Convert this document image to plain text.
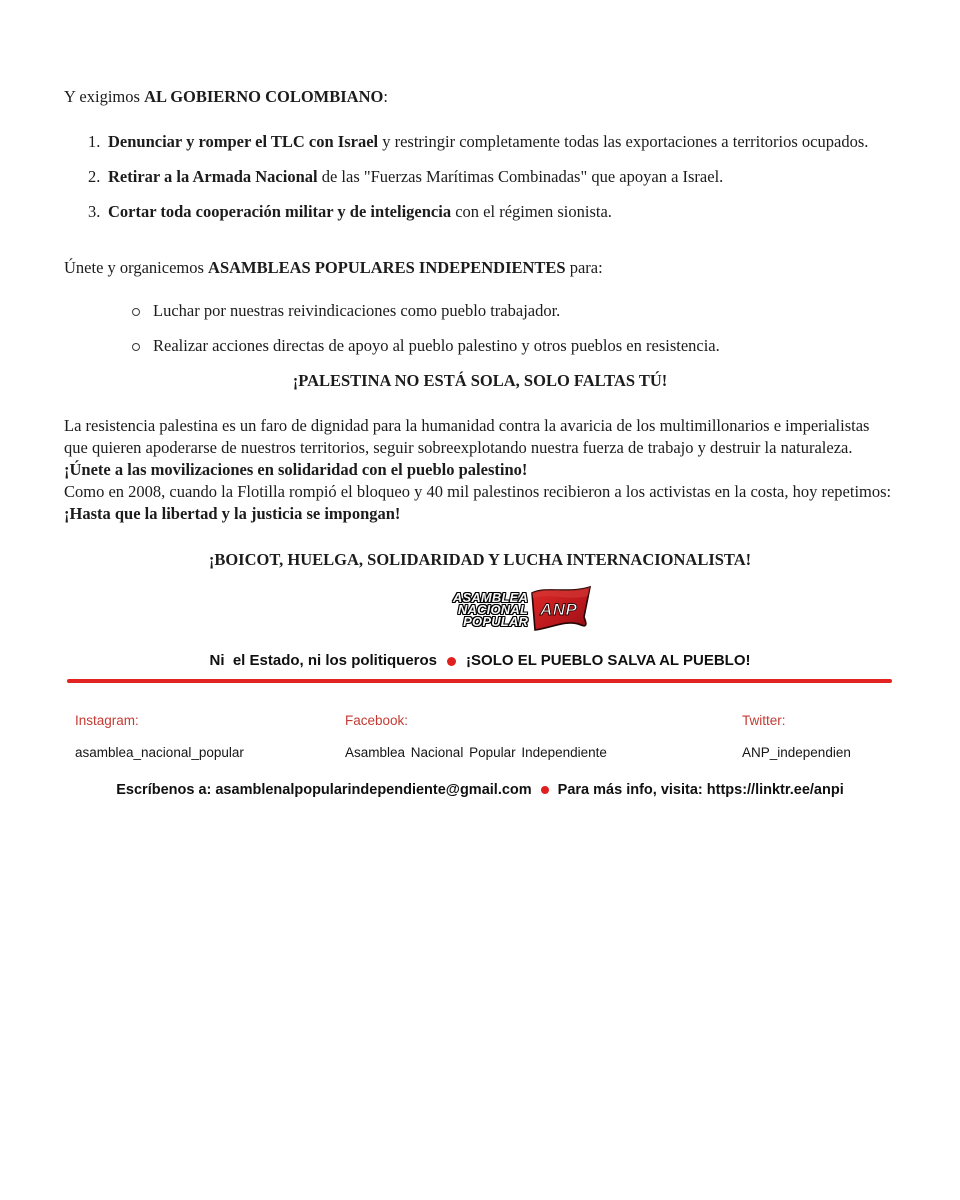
Y exigimos AL GOBIERNO COLOMBIANO:

1. Denunciar y romper el TLC con Israel y restringir completamente todas las exportaciones a territorios ocupados.

2. Retirar a la Armada Nacional de las "Fuerzas Marítimas Combinadas" que apoyan a Israel.

3. Cortar toda cooperación militar y de inteligencia con el régimen sionista.

Únete y organicemos ASAMBLEAS POPULARES INDEPENDIENTES para:

Luchar por nuestras reivindicaciones como pueblo trabajador.

Realizar acciones directas de apoyo al pueblo palestino y otros pueblos en resistencia.

¡PALESTINA NO ESTÁ SOLA, SOLO FALTAS TÚ!

La resistencia palestina es un faro de dignidad para la humanidad contra la avaricia de los multimillonarios e imperialistas que quieren apoderarse de nuestros territorios, seguir sobreexplotando nuestra fuerza de trabajo y destruir la naturaleza. ¡Únete a las movilizaciones en solidaridad con el pueblo palestino!
Como en 2008, cuando la Flotilla rompió el bloqueo y 40 mil palestinos recibieron a los activistas en la costa, hoy repetimos: ¡Hasta que la libertad y la justicia se impongan!

¡BOICOT, HUELGA, SOLIDARIDAD Y LUCHA INTERNACIONALISTA!

ASAMBLEA
NACIONAL
POPULAR
ANP
Ni  el Estado, ni los politiqueros ¡SOLO EL PUEBLO SALVA AL PUEBLO!
Instagram:
asamblea_nacional_popular
Facebook:
Asamblea Nacional Popular Independiente
Twitter:
ANP_independien
Escríbenos a: asamblenalpopularindependiente@gmail.com Para más info, visita: https://linktr.ee/anpi
